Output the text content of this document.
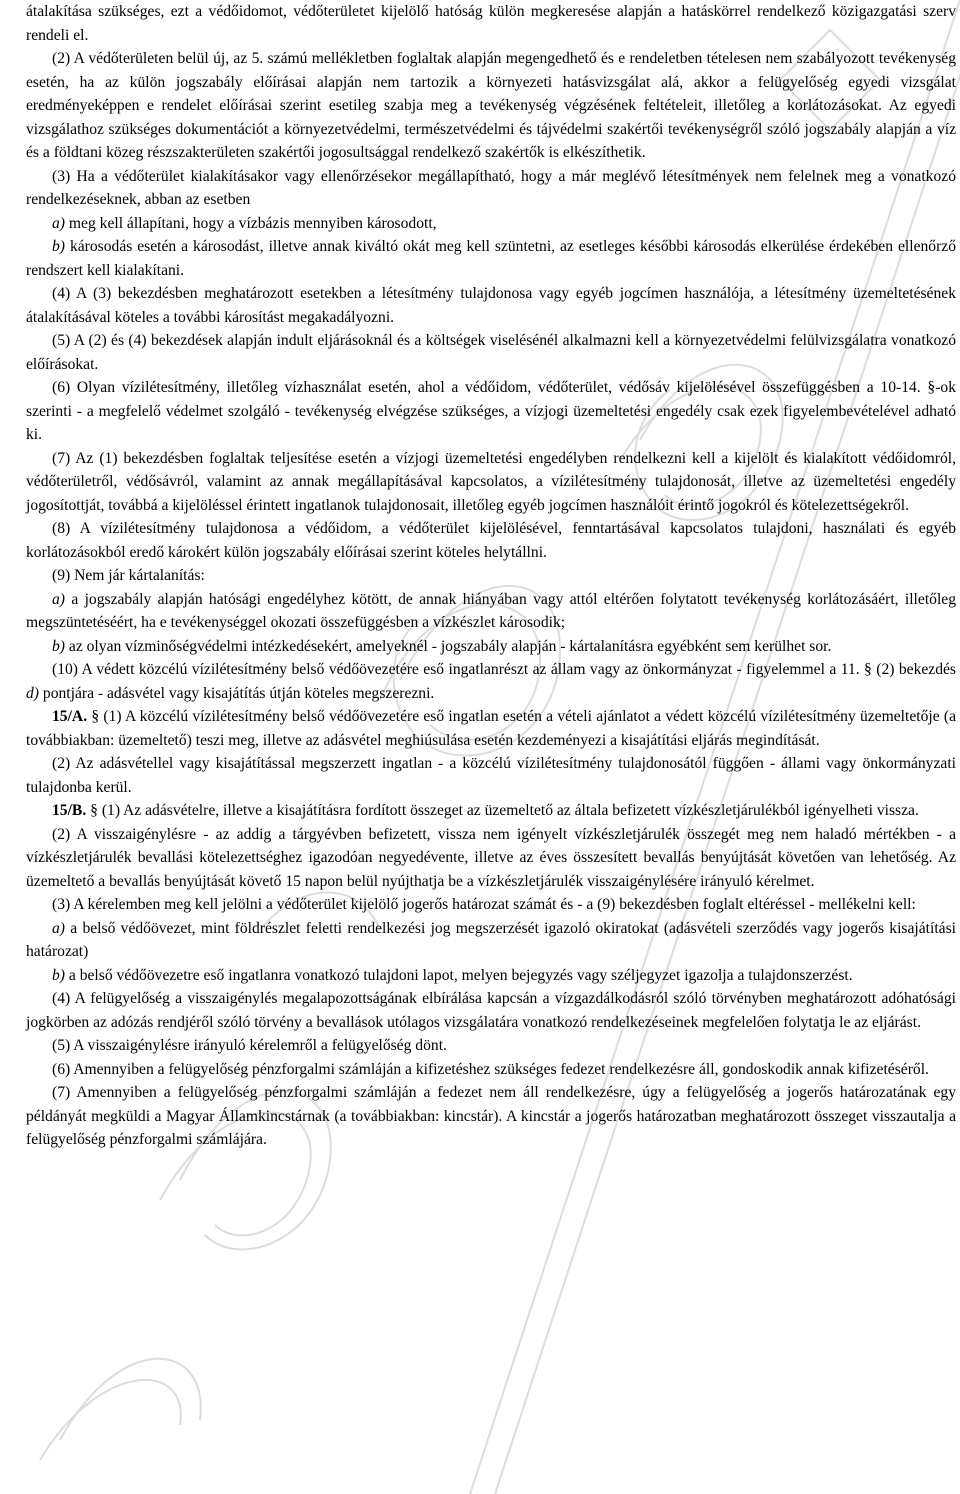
átalakítása szükséges, ezt a védőidomot, védőterületet kijelölő hatóság külön megkeresése alapján a hatáskörrel rendelkező közigazgatási szerv rendeli el.

(2) A védőterületen belül új, az 5. számú mellékletben foglaltak alapján megengedhető és e rendeletben tételesen nem szabályozott tevékenység esetén, ha az külön jogszabály előírásai alapján nem tartozik a környezeti hatásvizsgálat alá, akkor a felügyelőség egyedi vizsgálat eredményeképpen e rendelet előírásai szerint esetileg szabja meg a tevékenység végzésének feltételeit, illetőleg a korlátozásokat. Az egyedi vizsgálathoz szükséges dokumentációt a környezetvédelmi, természetvédelmi és tájvédelmi szakértői tevékenységről szóló jogszabály alapján a víz és a földtani közeg részszakterületen szakértői jogosultsággal rendelkező szakértők is elkészíthetik.

(3) Ha a védőterület kialakításakor vagy ellenőrzésekor megállapítható, hogy a már meglévő létesítmények nem felelnek meg a vonatkozó rendelkezéseknek, abban az esetben

a) meg kell állapítani, hogy a vízbázis mennyiben károsodott,

b) károsodás esetén a károsodást, illetve annak kiváltó okát meg kell szüntetni, az esetleges későbbi károsodás elkerülése érdekében ellenőrző rendszert kell kialakítani.

(4) A (3) bekezdésben meghatározott esetekben a létesítmény tulajdonosa vagy egyéb jogcímen használója, a létesítmény üzemeltetésének átalakításával köteles a további károsítást megakadályozni.

(5) A (2) és (4) bekezdések alapján indult eljárásoknál és a költségek viselésénél alkalmazni kell a környezetvédelmi felülvizsgálatra vonatkozó előírásokat.

(6) Olyan vízilétesítmény, illetőleg vízhasználat esetén, ahol a védőidom, védőterület, védősáv kijelölésével összefüggésben a 10-14. §-ok szerinti - a megfelelő védelmet szolgáló - tevékenység elvégzése szükséges, a vízjogi üzemeltetési engedély csak ezek figyelembevételével adható ki.

(7) Az (1) bekezdésben foglaltak teljesítése esetén a vízjogi üzemeltetési engedélyben rendelkezni kell a kijelölt és kialakított védőidomról, védőterületről, védősávról, valamint az annak megállapításával kapcsolatos, a vízilétesítmény tulajdonosát, illetve az üzemeltetési engedély jogosítottját, továbbá a kijelöléssel érintett ingatlanok tulajdonosait, illetőleg egyéb jogcímen használóit érintő jogokról és kötelezettségekről.

(8) A vízilétesítmény tulajdonosa a védőidom, a védőterület kijelölésével, fenntartásával kapcsolatos tulajdoni, használati és egyéb korlátozásokból eredő károkért külön jogszabály előírásai szerint köteles helytállni.

(9) Nem jár kártalanítás:

a) a jogszabály alapján hatósági engedélyhez kötött, de annak hiányában vagy attól eltérően folytatott tevékenység korlátozásáért, illetőleg megszüntetéséért, ha e tevékenységgel okozati összefüggésben a vízkészlet károsodik;

b) az olyan vízminőségvédelmi intézkedésekért, amelyeknél - jogszabály alapján - kártalanításra egyébként sem kerülhet sor.

(10) A védett közcélú vízilétesítmény belső védőövezetére eső ingatlanrészt az állam vagy az önkormányzat - figyelemmel a 11. § (2) bekezdés d) pontjára - adásvétel vagy kisajátítás útján köteles megszerezni.

15/A. § (1) A közcélú vízilétesítmény belső védőövezetére eső ingatlan esetén a vételi ajánlatot a védett közcélú vízilétesítmény üzemeltetője (a továbbiakban: üzemeltető) teszi meg, illetve az adásvétel meghiúsulása esetén kezdeményezi a kisajátítási eljárás megindítását.

(2) Az adásvétellel vagy kisajátítással megszerzett ingatlan - a közcélú vízilétesítmény tulajdonosától függően - állami vagy önkormányzati tulajdonba kerül.

15/B. § (1) Az adásvételre, illetve a kisajátításra fordított összeget az üzemeltető az általa befizetett vízkészletjárulékból igényelheti vissza.

(2) A visszaigénylésre - az addig a tárgyévben befizetett, vissza nem igényelt vízkészletjárulék összegét meg nem haladó mértékben - a vízkészletjárulék bevallási kötelezettséghez igazodóan negyedévente, illetve az éves összesített bevallás benyújtását követően van lehetőség. Az üzemeltető a bevallás benyújtását követő 15 napon belül nyújthatja be a vízkészletjárulék visszaigénylésére irányuló kérelmet.

(3) A kérelemben meg kell jelölni a védőterület kijelölő jogerős határozat számát és - a (9) bekezdésben foglalt eltéréssel - mellékelni kell:

a) a belső védőövezet, mint földrészlet feletti rendelkezési jog megszerzését igazoló okiratokat (adásvételi szerződés vagy jogerős kisajátítási határozat)

b) a belső védőövezetre eső ingatlanra vonatkozó tulajdoni lapot, melyen bejegyzés vagy széljegyzet igazolja a tulajdonszerzést.

(4) A felügyelőség a visszaigénylés megalapozottságának elbírálása kapcsán a vízgazdálkodásról szóló törvényben meghatározott adóhatósági jogkörben az adózás rendjéről szóló törvény a bevallások utólagos vizsgálatára vonatkozó rendelkezéseinek megfelelően folytatja le az eljárást.

(5) A visszaigénylésre irányuló kérelemről a felügyelőség dönt.

(6) Amennyiben a felügyelőség pénzforgalmi számláján a kifizetéshez szükséges fedezet rendelkezésre áll, gondoskodik annak kifizetéséről.

(7) Amennyiben a felügyelőség pénzforgalmi számláján a fedezet nem áll rendelkezésre, úgy a felügyelőség a jogerős határozatának egy példányát megküldi a Magyar Államkincstárnak (a továbbiakban: kincstár). A kincstár a jogerős határozatban meghatározott összeget visszautalja a felügyelőség pénzforgalmi számlájára.
